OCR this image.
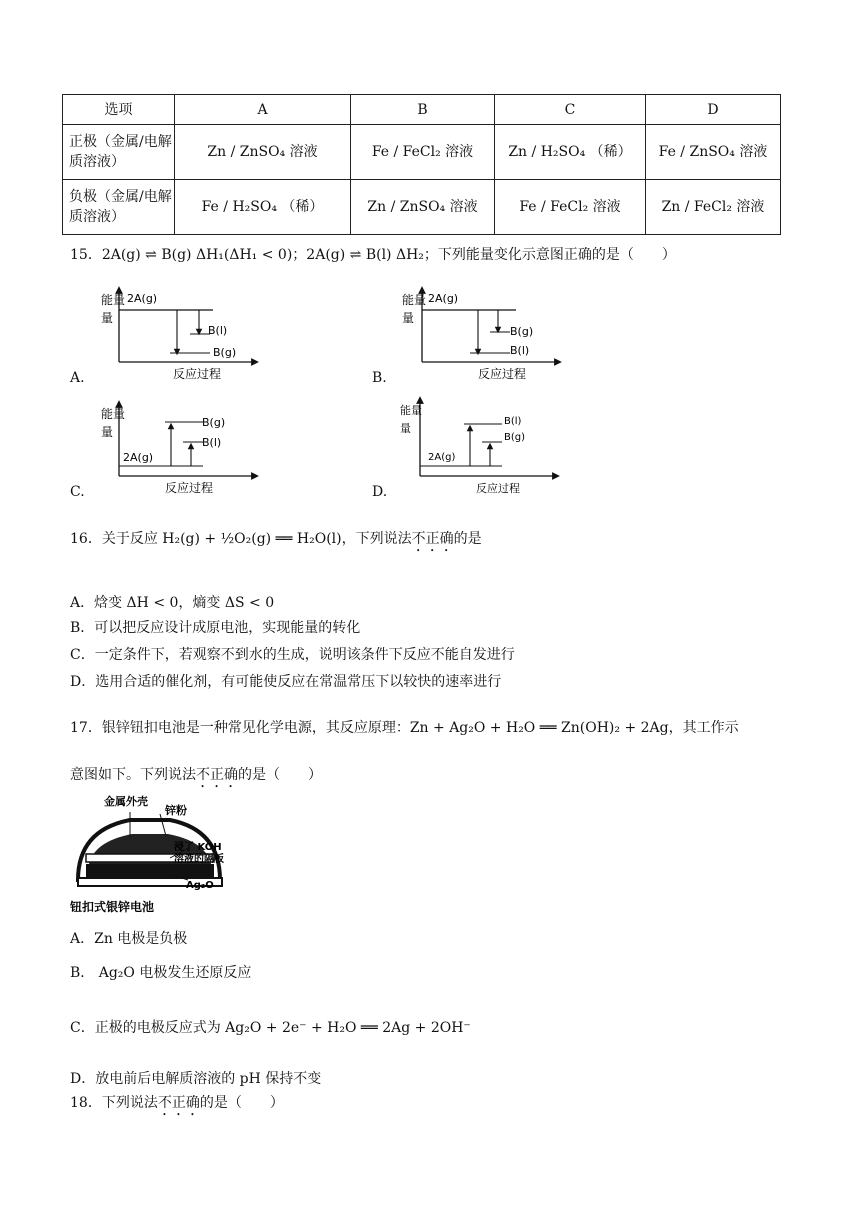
选项	A	B	C	D
正极（金属/电解质溶液）	Zn / ZnSO₄ 溶液	Fe / FeCl₂ 溶液	Zn / H₂SO₄ （稀）	Fe / ZnSO₄ 溶液
负极（金属/电解质溶液）	Fe / H₂SO₄ （稀）	Zn / ZnSO₄ 溶液	Fe / FeCl₂ 溶液	Zn / FeCl₂ 溶液
15．2A(g) ⇌ B(g) ΔH₁(ΔH₁ < 0)；2A(g) ⇌ B(l) ΔH₂；下列能量变化示意图正确的是（　　）
能量
量
2A(g)
B(l)
B(g)
反应过程
A.
能量
量
2A(g)
B(g)
B(l)
反应过程
B.
能量
量
B(g)
B(l)
2A(g)
反应过程
C.
能量
量
B(l)
B(g)
2A(g)
反应过程
D.
16．关于反应 H₂(g) + ½O₂(g) ══ H₂O(l)，下列说法不正确的是
A．焓变 ΔH < 0，熵变 ΔS < 0
B．可以把反应设计成原电池，实现能量的转化
C．一定条件下，若观察不到水的生成，说明该条件下反应不能自发进行
D．选用合适的催化剂，有可能使反应在常温常压下以较快的速率进行
17．银锌钮扣电池是一种常见化学电源，其反应原理：Zn + Ag₂O + H₂O ══ Zn(OH)₂ + 2Ag，其工作示
意图如下。下列说法不正确的是（　　）
金属外壳
锌粉
浸了 KOH
溶液的隔板
Ag₂O
钮扣式银锌电池
A．Zn 电极是负极
B． Ag₂O 电极发生还原反应
C．正极的电极反应式为 Ag₂O + 2e⁻ + H₂O ══ 2Ag + 2OH⁻
D．放电前后电解质溶液的 pH 保持不变
18．下列说法不正确的是（　　）
